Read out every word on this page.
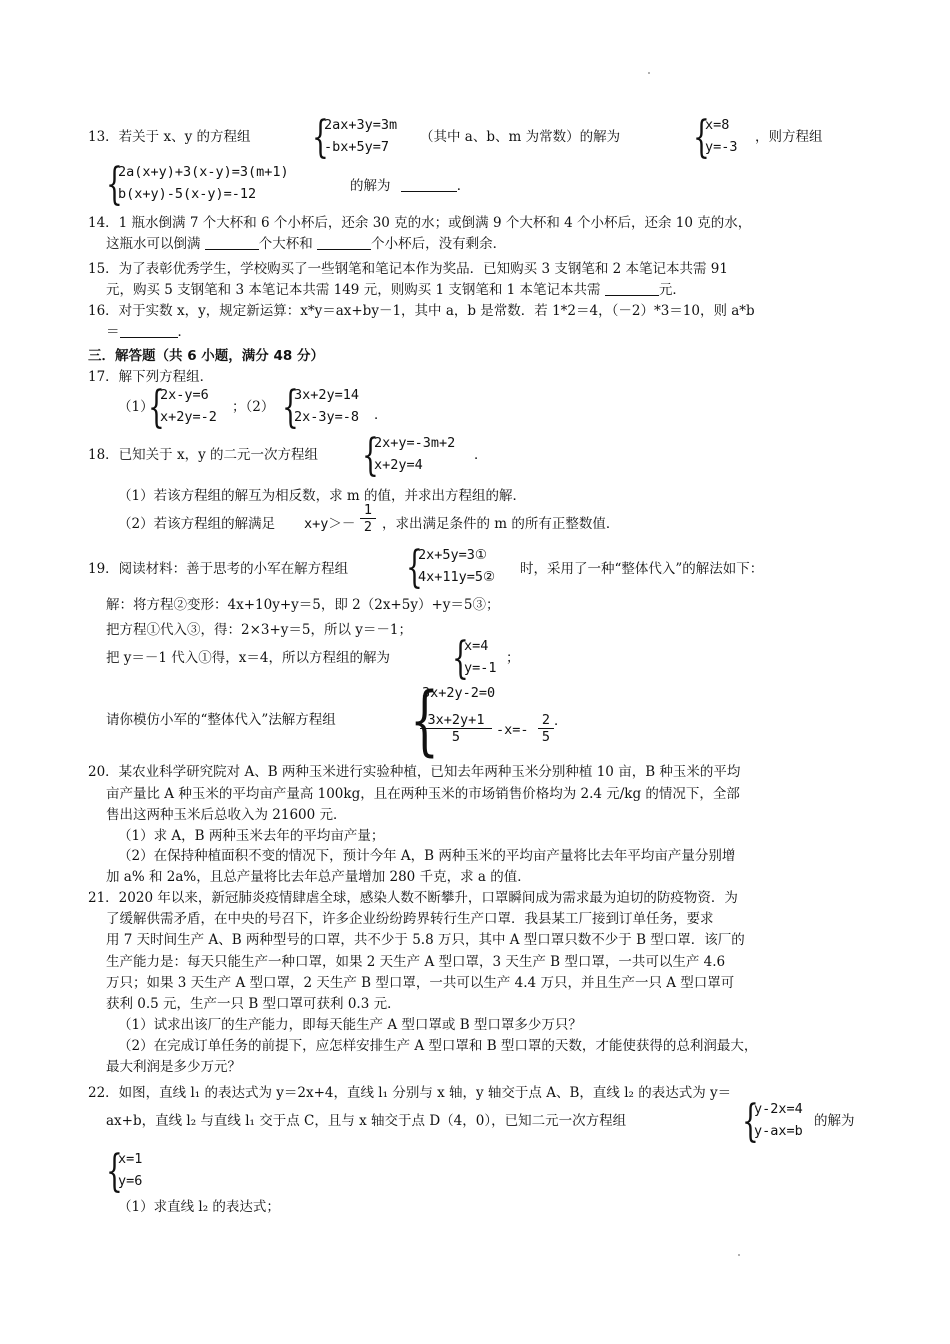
13．若关于 x、y 的方程组 {
2ax+3y=3m
-bx+5y=7
（其中 a、b、m 为常数）的解为 {
x=8
y=-3
，则方程组
{
2a(x+y)+3(x-y)=3(m+1)
b(x+y)-5(x-y)=-12	的解为	．
14．1 瓶水倒满 7 个大杯和 6 个小杯后，还余 30 克的水；或倒满 9 个大杯和 4 个小杯后，还余 10 克的水，
这瓶水可以倒满	个大杯和	个小杯后，没有剩余．
15．为了表彰优秀学生，学校购买了一些钢笔和笔记本作为奖品．已知购买 3 支钢笔和 2 本笔记本共需 91
元，购买 5 支钢笔和 3 本笔记本共需 149 元，则购买 1 支钢笔和 1 本笔记本共需	元．
16．对于实数 x，y，规定新运算：x*y＝ax+by－1，其中 a，b 是常数．若 1*2＝4，（－2）*3＝10，则 a*b
＝	．
三．解答题（共 6 小题，满分 48 分）
17．解下列方程组．
（1）
{
2x-y=6
x+2y=-2
；（2） {
3x+2y=14
2x-3y=-8 ．
18．已知关于 x，y 的二元一次方程组 {
2x+y=-3m+2
x+2y=4
．
（1）若该方程组的解互为相反数，求 m 的值，并求出方程组的解．
（2）若该方程组的解满足 $x+y>- \frac{1}{2}$ ，求出满足条件的 m 的所有正整数值．
19．阅读材料：善于思考的小军在解方程组 {
2x+5y=3①
4x+11y=5② 时，采用了一种“整体代入”的解法如下：
解：将方程②变形：4x+10y+y＝5，即 2（2x+5y）+y＝5③；
把方程①代入③，得：2×3+y＝5，所以 y＝－1；
把 y＝－1 代入①得，x＝4，所以方程组的解为 {
x=4
y=-1
；
请你模仿小军的“整体代入”法解方程组 {
3x+2y-2=0
$\frac{3x+2y+1}{5} -x=- \frac{2}{5}$ ．
20．某农业科学研究院对 A、B 两种玉米进行实验种植，已知去年两种玉米分别种植 10 亩，B 种玉米的平均
亩产量比 A 种玉米的平均亩产量高 100kg，且在两种玉米的市场销售价格均为 2.4 元/kg 的情况下，全部
售出这两种玉米后总收入为 21600 元．
（1）求 A，B 两种玉米去年的平均亩产量；
（2）在保持种植面积不变的情况下，预计今年 A，B 两种玉米的平均亩产量将比去年平均亩产量分别增
加 a% 和 2a%，且总产量将比去年总产量增加 280 千克，求 a 的值．
21．2020 年以来，新冠肺炎疫情肆虐全球，感染人数不断攀升，口罩瞬间成为需求最为迫切的防疫物资．为
了缓解供需矛盾，在中央的号召下，许多企业纷纷跨界转行生产口罩．我县某工厂接到订单任务，要求
用 7 天时间生产 A、B 两种型号的口罩，共不少于 5.8 万只，其中 A 型口罩只数不少于 B 型口罩．该厂的
生产能力是：每天只能生产一种口罩，如果 2 天生产 A 型口罩，3 天生产 B 型口罩，一共可以生产 4.6
万只；如果 3 天生产 A 型口罩，2 天生产 B 型口罩，一共可以生产 4.4 万只，并且生产一只 A 型口罩可
获利 0.5 元，生产一只 B 型口罩可获利 0.3 元．
（1）试求出该厂的生产能力，即每天能生产 A 型口罩或 B 型口罩多少万只？
（2）在完成订单任务的前提下，应怎样安排生产 A 型口罩和 B 型口罩的天数，才能使获得的总利润最大，
最大利润是多少万元？
22．如图，直线 l₁ 的表达式为 y＝2x+4，直线 l₁ 分别与 x 轴，y 轴交于点 A、B，直线 l₂ 的表达式为 y＝
ax+b，直线 l₂ 与直线 l₁ 交于点 C，且与 x 轴交于点 D（4，0），已知二元一次方程组	{
y-2x=4
y-ax=b
的解为
{
x=1
y=6
（1）求直线 l₂ 的表达式；
